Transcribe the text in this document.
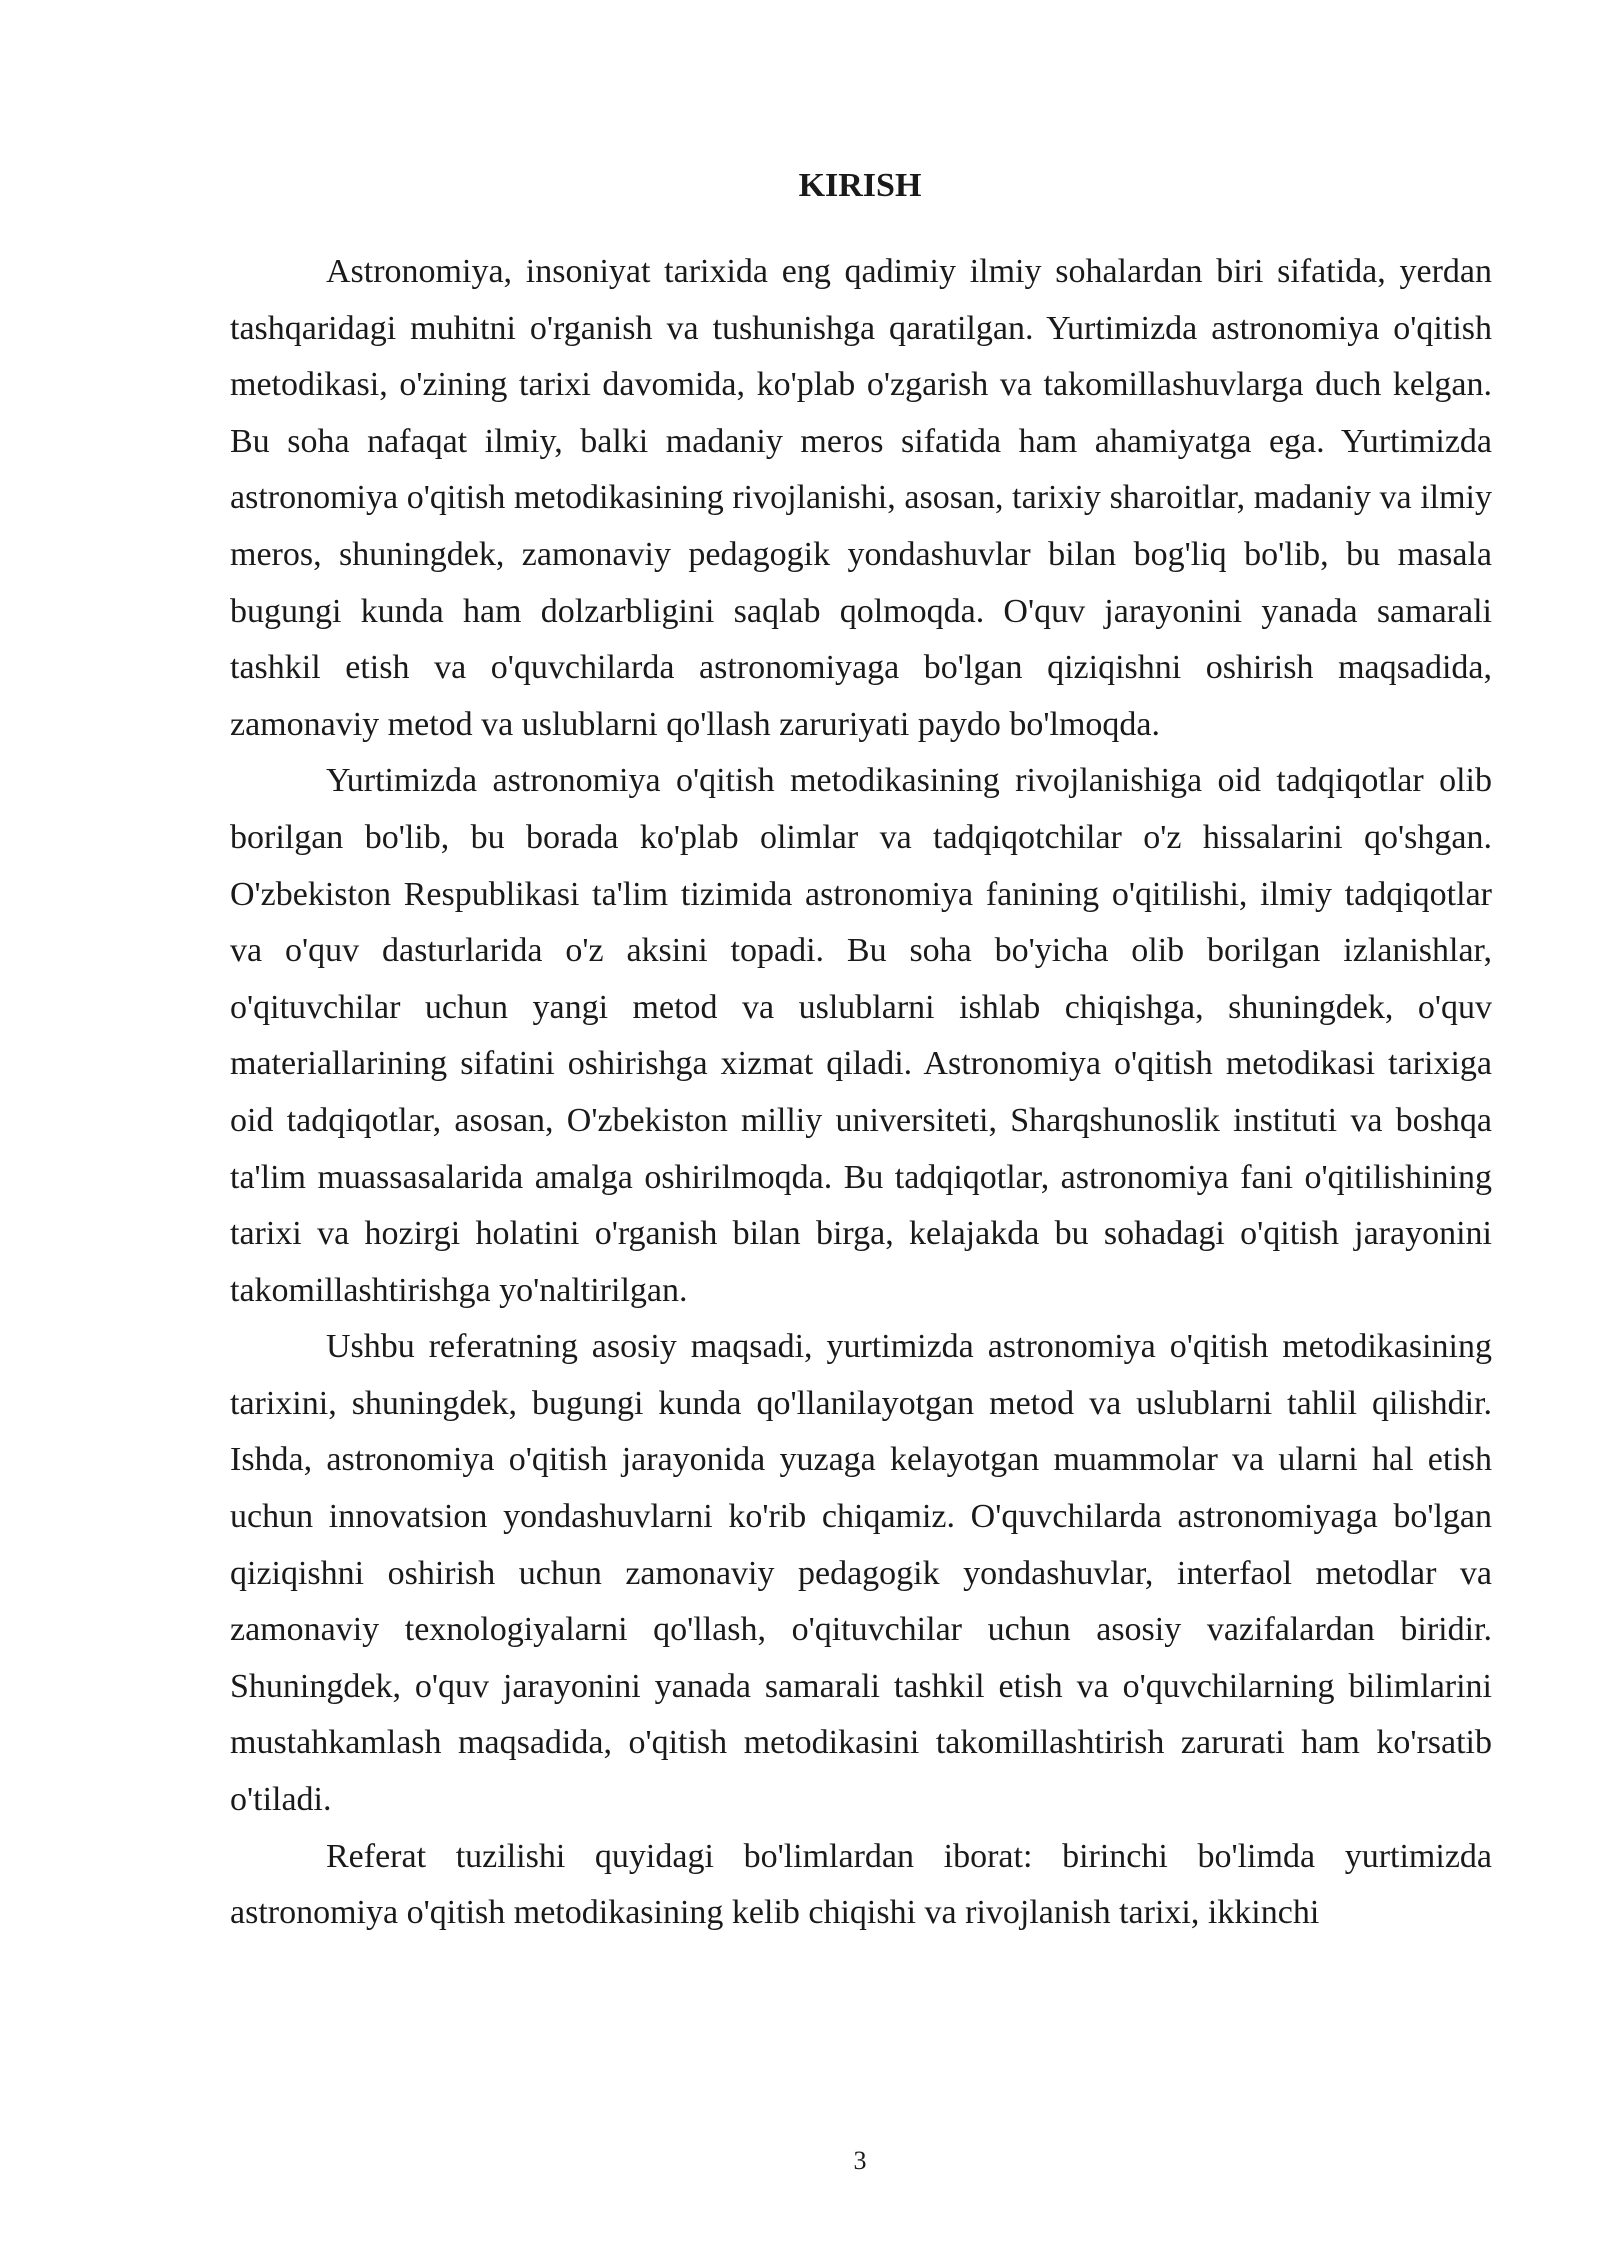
KIRISH

Astronomiya, insoniyat tarixida eng qadimiy ilmiy sohalardan biri sifatida, yerdan tashqaridagi muhitni o'rganish va tushunishga qaratilgan. Yurtimizda astronomiya o'qitish metodikasi, o'zining tarixi davomida, ko'plab o'zgarish va takomillashuvlarga duch kelgan. Bu soha nafaqat ilmiy, balki madaniy meros sifatida ham ahamiyatga ega. Yurtimizda astronomiya o'qitish metodikasining rivojlanishi, asosan, tarixiy sharoitlar, madaniy va ilmiy meros, shuningdek, zamonaviy pedagogik yondashuvlar bilan bog'liq bo'lib, bu masala bugungi kunda ham dolzarbligini saqlab qolmoqda. O'quv jarayonini yanada samarali tashkil etish va o'quvchilarda astronomiyaga bo'lgan qiziqishni oshirish maqsadida, zamonaviy metod va uslublarni qo'llash zaruriyati paydo bo'lmoqda.

Yurtimizda astronomiya o'qitish metodikasining rivojlanishiga oid tadqiqotlar olib borilgan bo'lib, bu borada ko'plab olimlar va tadqiqotchilar o'z hissalarini qo'shgan. O'zbekiston Respublikasi ta'lim tizimida astronomiya fanining o'qitilishi, ilmiy tadqiqotlar va o'quv dasturlarida o'z aksini topadi. Bu soha bo'yicha olib borilgan izlanishlar, o'qituvchilar uchun yangi metod va uslublarni ishlab chiqishga, shuningdek, o'quv materiallarining sifatini oshirishga xizmat qiladi. Astronomiya o'qitish metodikasi tarixiga oid tadqiqotlar, asosan, O'zbekiston milliy universiteti, Sharqshunoslik instituti va boshqa ta'lim muassasalarida amalga oshirilmoqda. Bu tadqiqotlar, astronomiya fani o'qitilishining tarixi va hozirgi holatini o'rganish bilan birga, kelajakda bu sohadagi o'qitish jarayonini takomillashtirishga yo'naltirilgan.

Ushbu referatning asosiy maqsadi, yurtimizda astronomiya o'qitish metodikasining tarixini, shuningdek, bugungi kunda qo'llanilayotgan metod va uslublarni tahlil qilishdir. Ishda, astronomiya o'qitish jarayonida yuzaga kelayotgan muammolar va ularni hal etish uchun innovatsion yondashuvlarni ko'rib chiqamiz. O'quvchilarda astronomiyaga bo'lgan qiziqishni oshirish uchun zamonaviy pedagogik yondashuvlar, interfaol metodlar va zamonaviy texnologiyalarni qo'llash, o'qituvchilar uchun asosiy vazifalardan biridir. Shuningdek, o'quv jarayonini yanada samarali tashkil etish va o'quvchilarning bilimlarini mustahkamlash maqsadida, o'qitish metodikasini takomillashtirish zarurati ham ko'rsatib o'tiladi.

Referat tuzilishi quyidagi bo'limlardan iborat: birinchi bo'limda yurtimizda astronomiya o'qitish metodikasining kelib chiqishi va rivojlanish tarixi, ikkinchi

3
